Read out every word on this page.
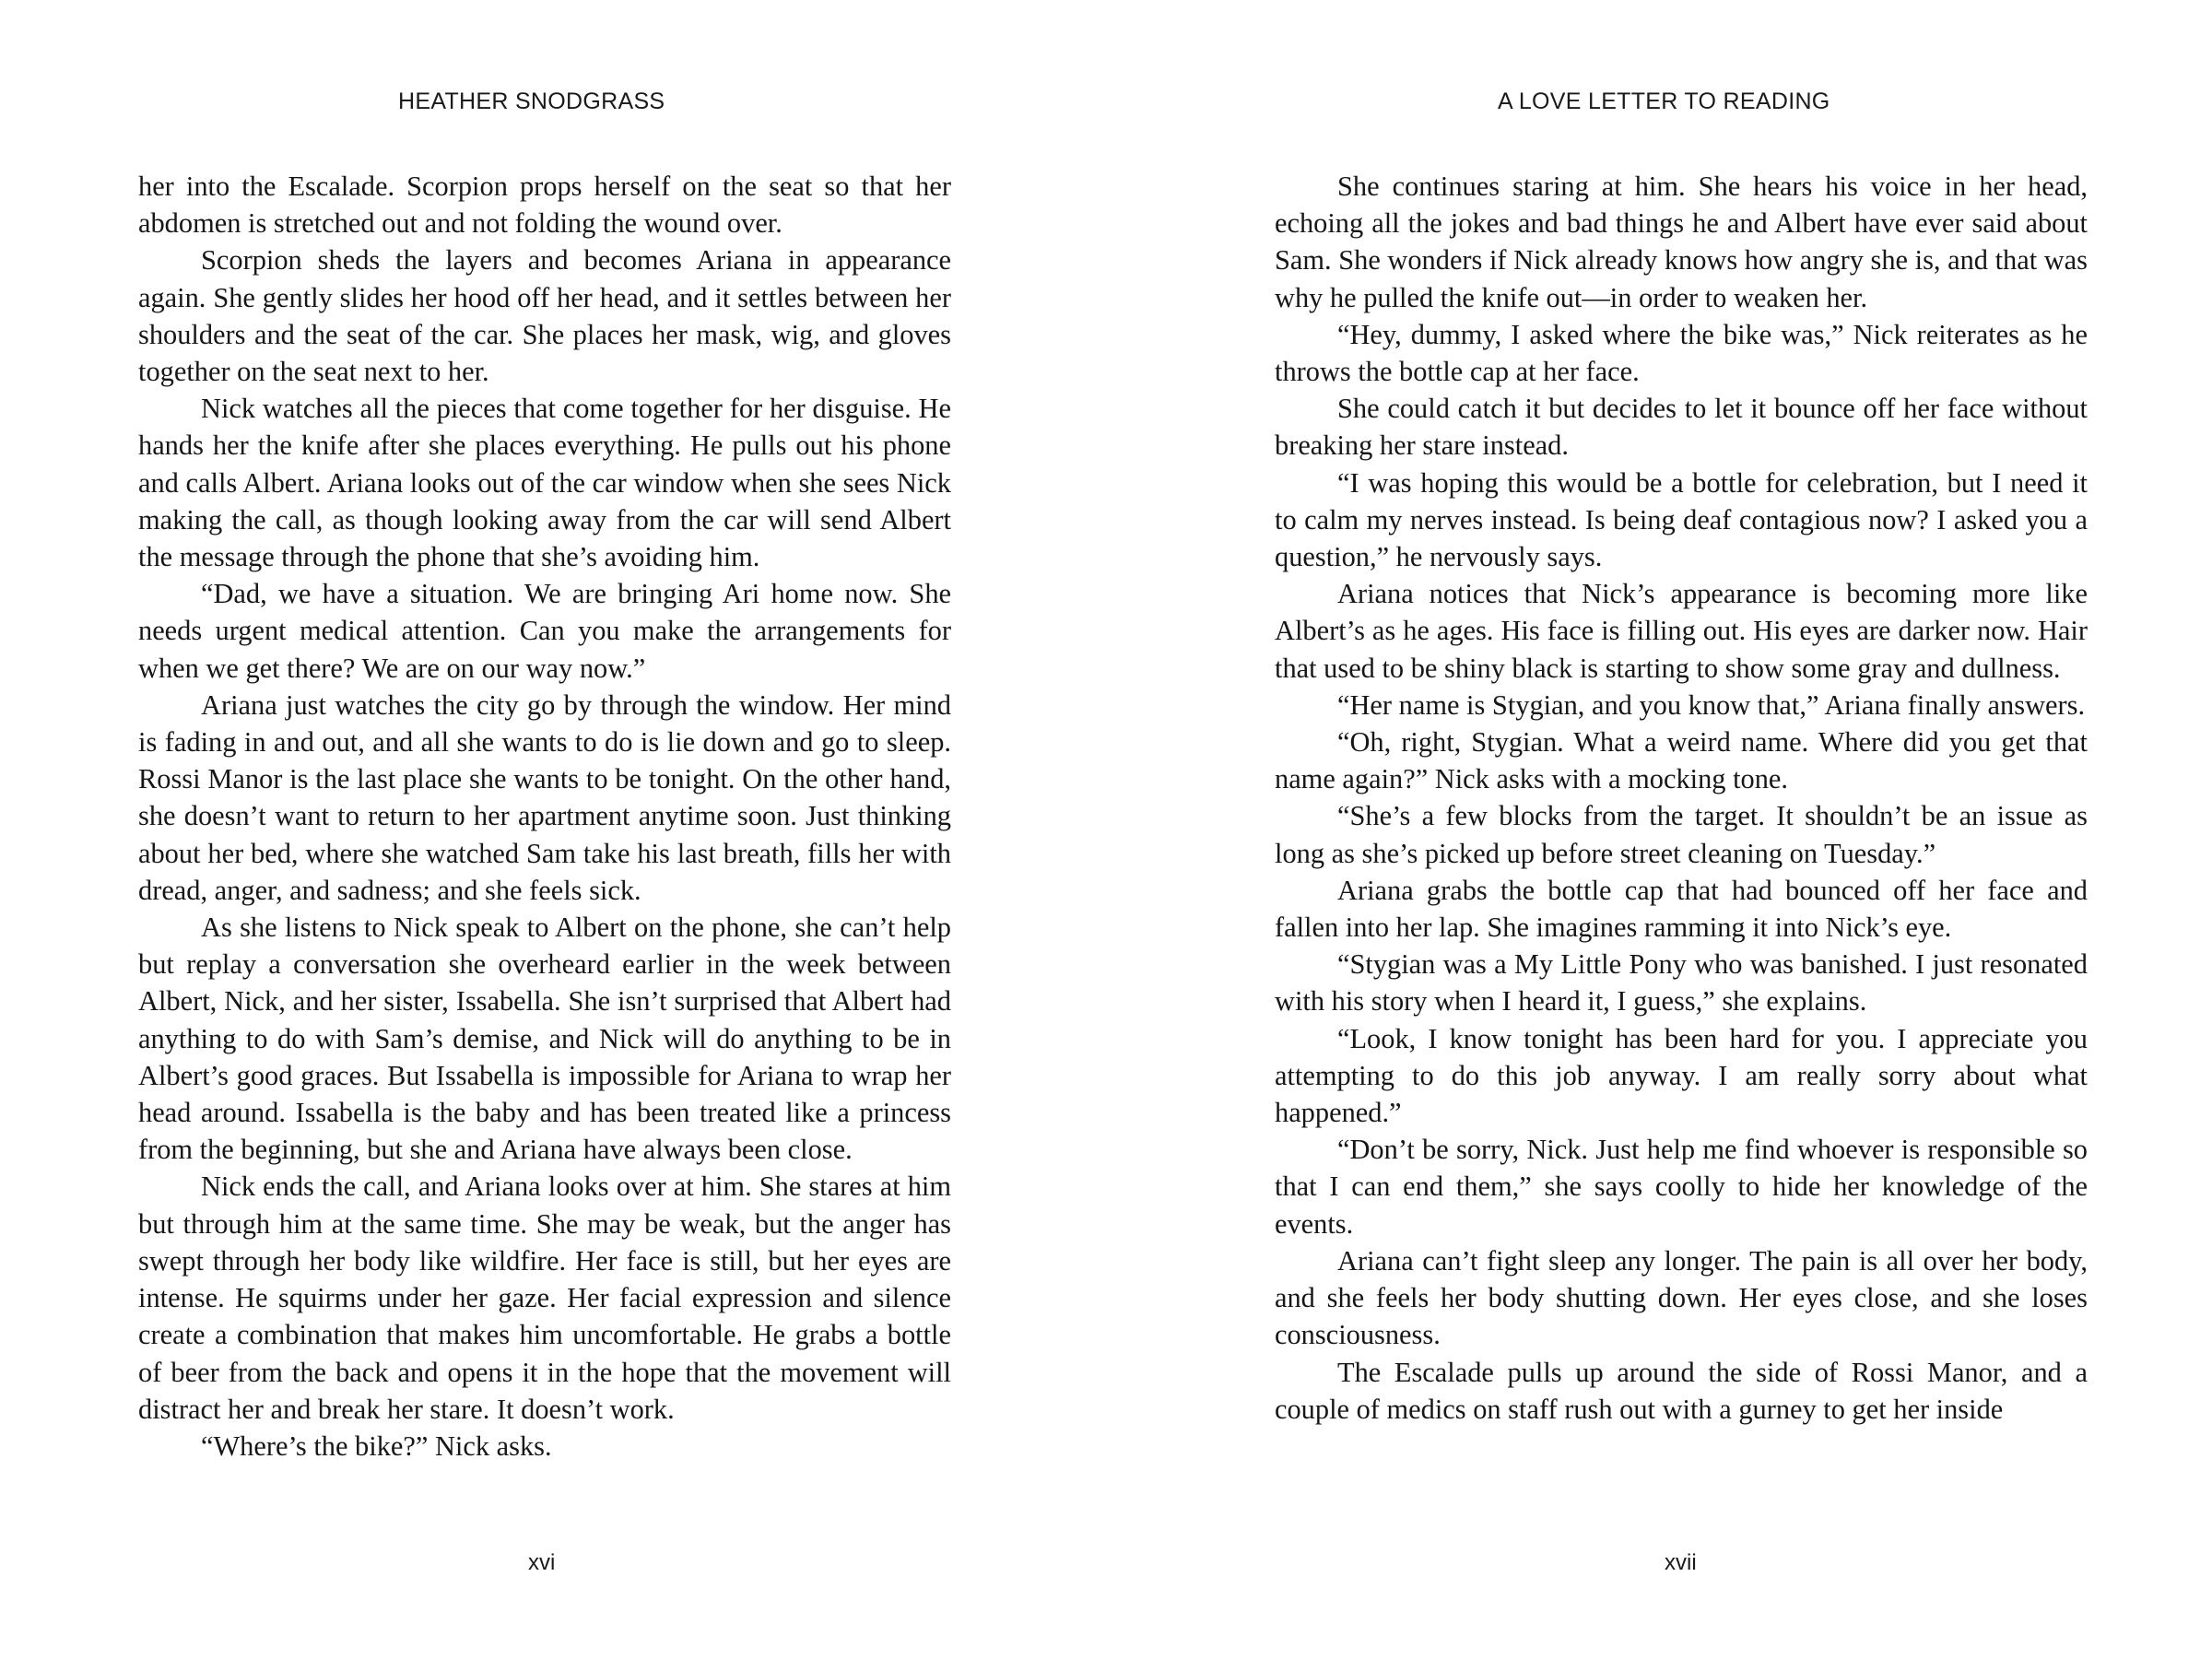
HEATHER SNODGRASS

her into the Escalade. Scorpion props herself on the seat so that her abdomen is stretched out and not folding the wound over.

Scorpion sheds the layers and becomes Ariana in appearance again. She gently slides her hood off her head, and it settles between her shoulders and the seat of the car. She places her mask, wig, and gloves together on the seat next to her.

Nick watches all the pieces that come together for her disguise. He hands her the knife after she places everything. He pulls out his phone and calls Albert. Ariana looks out of the car window when she sees Nick making the call, as though looking away from the car will send Albert the message through the phone that she’s avoiding him.

“Dad, we have a situation. We are bringing Ari home now. She needs urgent medical attention. Can you make the arrangements for when we get there? We are on our way now.”

Ariana just watches the city go by through the window. Her mind is fading in and out, and all she wants to do is lie down and go to sleep. Rossi Manor is the last place she wants to be tonight. On the other hand, she doesn’t want to return to her apartment anytime soon. Just thinking about her bed, where she watched Sam take his last breath, fills her with dread, anger, and sadness; and she feels sick.

As she listens to Nick speak to Albert on the phone, she can’t help but replay a conversation she overheard earlier in the week between Albert, Nick, and her sister, Issabella. She isn’t surprised that Albert had anything to do with Sam’s demise, and Nick will do anything to be in Albert’s good graces. But Issabella is impossible for Ariana to wrap her head around. Issabella is the baby and has been treated like a princess from the beginning, but she and Ariana have always been close.

Nick ends the call, and Ariana looks over at him. She stares at him but through him at the same time. She may be weak, but the anger has swept through her body like wildfire. Her face is still, but her eyes are intense. He squirms under her gaze. Her facial expression and silence create a combination that makes him uncomfortable. He grabs a bottle of beer from the back and opens it in the hope that the movement will distract her and break her stare. It doesn’t work.

“Where’s the bike?” Nick asks.

xvi
A LOVE LETTER TO READING

She continues staring at him. She hears his voice in her head, echoing all the jokes and bad things he and Albert have ever said about Sam. She wonders if Nick already knows how angry she is, and that was why he pulled the knife out—in order to weaken her.

“Hey, dummy, I asked where the bike was,” Nick reiterates as he throws the bottle cap at her face.

She could catch it but decides to let it bounce off her face without breaking her stare instead.

“I was hoping this would be a bottle for celebration, but I need it to calm my nerves instead. Is being deaf contagious now? I asked you a question,” he nervously says.

Ariana notices that Nick’s appearance is becoming more like Albert’s as he ages. His face is filling out. His eyes are darker now. Hair that used to be shiny black is starting to show some gray and dullness.

“Her name is Stygian, and you know that,” Ariana finally answers.

“Oh, right, Stygian. What a weird name. Where did you get that name again?” Nick asks with a mocking tone.

“She’s a few blocks from the target. It shouldn’t be an issue as long as she’s picked up before street cleaning on Tuesday.”

Ariana grabs the bottle cap that had bounced off her face and fallen into her lap. She imagines ramming it into Nick’s eye.

“Stygian was a My Little Pony who was banished. I just resonated with his story when I heard it, I guess,” she explains.

“Look, I know tonight has been hard for you. I appreciate you attempting to do this job anyway. I am really sorry about what happened.”

“Don’t be sorry, Nick. Just help me find whoever is responsible so that I can end them,” she says coolly to hide her knowledge of the events.

Ariana can’t fight sleep any longer. The pain is all over her body, and she feels her body shutting down. Her eyes close, and she loses consciousness.

The Escalade pulls up around the side of Rossi Manor, and a couple of medics on staff rush out with a gurney to get her inside

xvii
